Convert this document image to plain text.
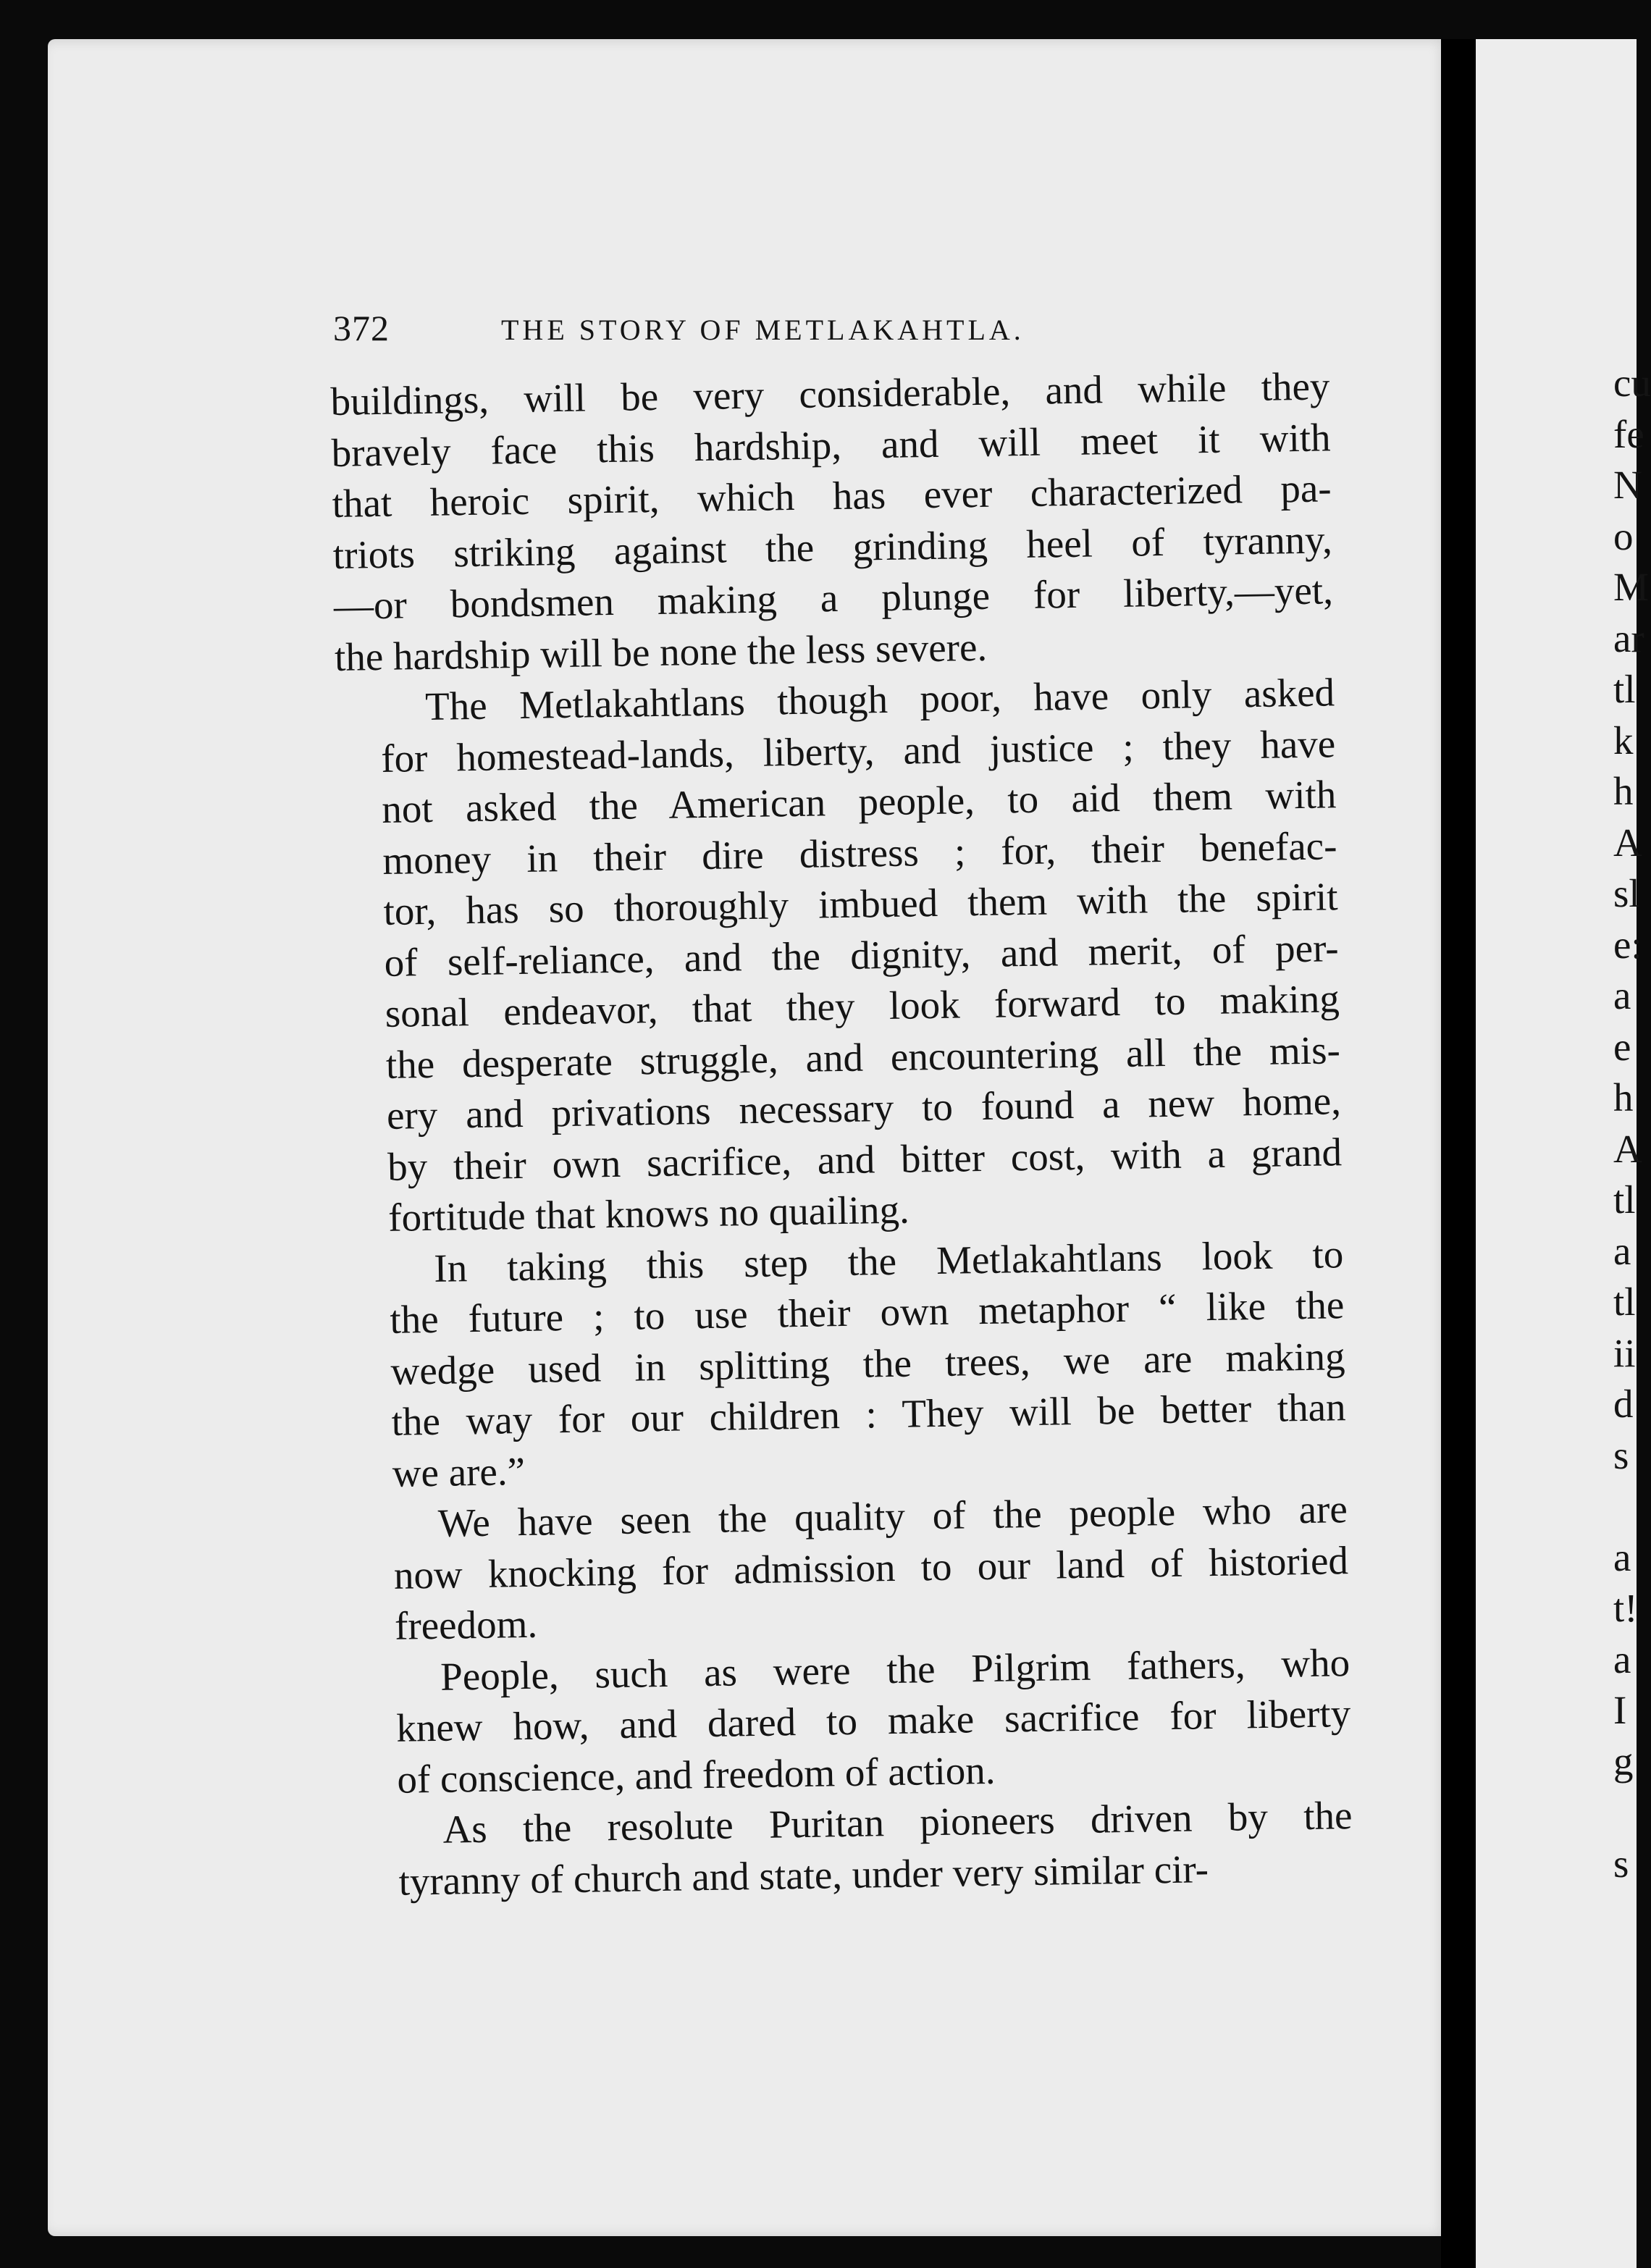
cu
fe
N
o
M
ar
tl
k
h
A
sl
e:
a
e
h
A
tl
a
tl
ii
d
s
a
t!
a
I
g
s
372	THE STORY OF METLAKAHTLA.
buildings, will be very considerable, and while they
bravely face this hardship, and will meet it with
that heroic spirit, which has ever characterized pa-
triots striking against the grinding heel of tyranny,
—or bondsmen making a plunge for liberty,—yet,
the hardship will be none the less severe.
The Metlakahtlans though poor, have only asked
for homestead-lands, liberty, and justice ; they have
not asked the American people, to aid them with
money in their dire distress ; for, their benefac-
tor, has so thoroughly imbued them with the spirit
of self-reliance, and the dignity, and merit, of per-
sonal endeavor, that they look forward to making
the desperate struggle, and encountering all the mis-
ery and privations necessary to found a new home,
by their own sacrifice, and bitter cost, with a grand
fortitude that knows no quailing.
In taking this step the Metlakahtlans look to
the future ; to use their own metaphor “ like the
wedge used in splitting the trees, we are making
the way for our children : They will be better than
we are.”
We have seen the quality of the people who are
now knocking for admission to our land of historied
freedom.
People, such as were the Pilgrim fathers, who
knew how, and dared to make sacrifice for liberty
of conscience, and freedom of action.
As the resolute Puritan pioneers driven by the
tyranny of church and state, under very similar cir-
